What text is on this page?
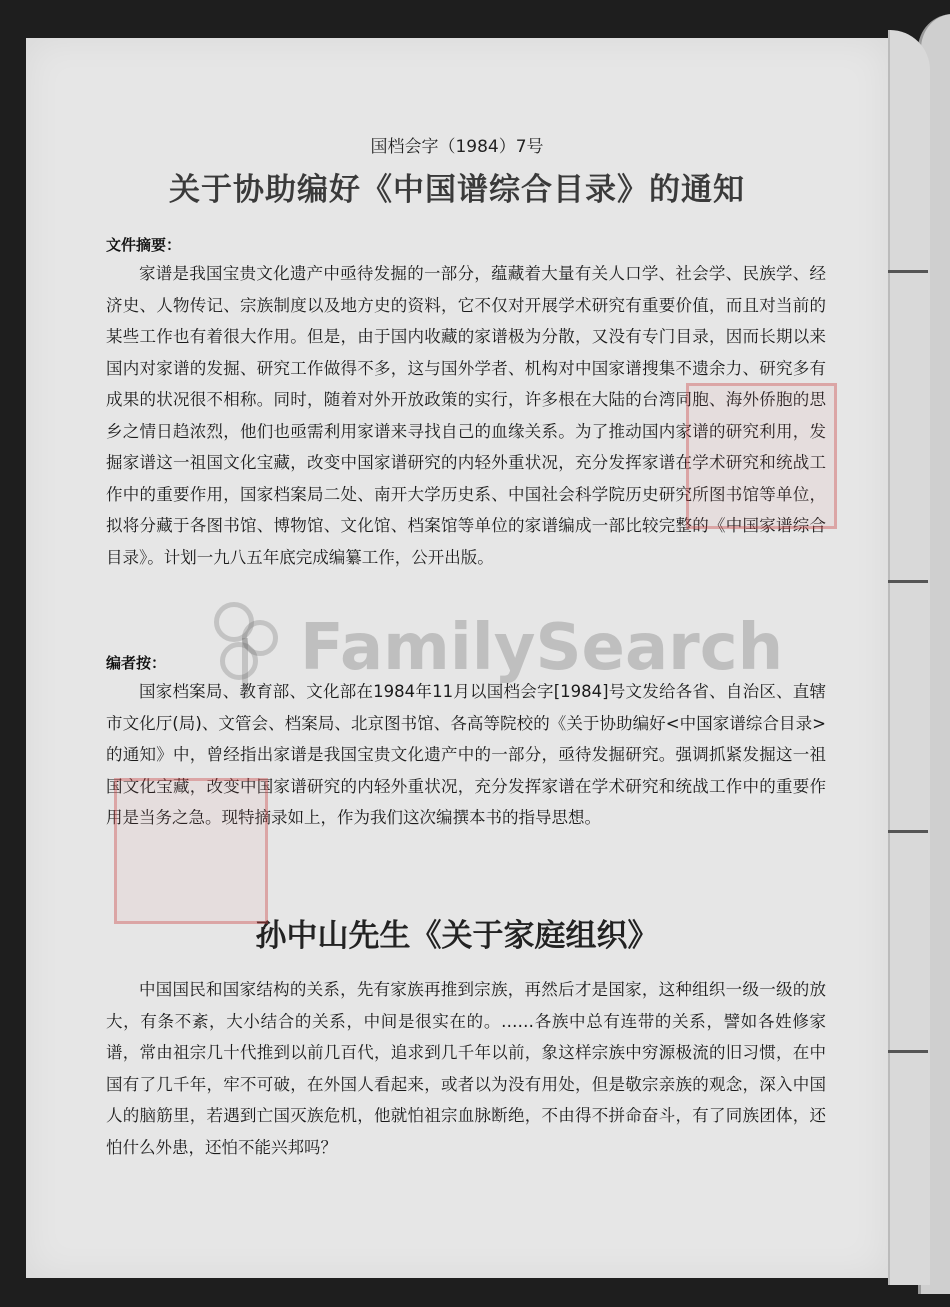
国档会字（1984）7号
关于协助编好《中国谱综合目录》的通知
文件摘要：
家谱是我国宝贵文化遗产中亟待发掘的一部分，蕴藏着大量有关人口学、社会学、民族学、经济史、人物传记、宗族制度以及地方史的资料，它不仅对开展学术研究有重要价值，而且对当前的某些工作也有着很大作用。但是，由于国内收藏的家谱极为分散，又没有专门目录，因而长期以来国内对家谱的发掘、研究工作做得不多，这与国外学者、机构对中国家谱搜集不遗余力、研究多有成果的状况很不相称。同时，随着对外开放政策的实行，许多根在大陆的台湾同胞、海外侨胞的思乡之情日趋浓烈，他们也亟需利用家谱来寻找自己的血缘关系。为了推动国内家谱的研究利用，发掘家谱这一祖国文化宝藏，改变中国家谱研究的内轻外重状况，充分发挥家谱在学术研究和统战工作中的重要作用，国家档案局二处、南开大学历史系、中国社会科学院历史研究所图书馆等单位，拟将分藏于各图书馆、博物馆、文化馆、档案馆等单位的家谱编成一部比较完整的《中国家谱综合目录》。计划一九八五年底完成编纂工作，公开出版。
编者按：
国家档案局、教育部、文化部在1984年11月以国档会字[1984]号文发给各省、自治区、直辖市文化厅(局)、文管会、档案局、北京图书馆、各高等院校的《关于协助编好<中国家谱综合目录>的通知》中，曾经指出家谱是我国宝贵文化遗产中的一部分，亟待发掘研究。强调抓紧发掘这一祖国文化宝藏，改变中国家谱研究的内轻外重状况，充分发挥家谱在学术研究和统战工作中的重要作用是当务之急。现特摘录如上，作为我们这次编撰本书的指导思想。
孙中山先生《关于家庭组织》
中国国民和国家结构的关系，先有家族再推到宗族，再然后才是国家，这种组织一级一级的放大，有条不紊，大小结合的关系，中间是很实在的。……各族中总有连带的关系，譬如各姓修家谱，常由祖宗几十代推到以前几百代，追求到几千年以前，象这样宗族中穷源极流的旧习惯，在中国有了几千年，牢不可破，在外国人看起来，或者以为没有用处，但是敬宗亲族的观念，深入中国人的脑筋里，若遇到亡国灭族危机，他就怕祖宗血脉断绝，不由得不拼命奋斗，有了同族团体，还怕什么外患，还怕不能兴邦吗？
FamilySearch
